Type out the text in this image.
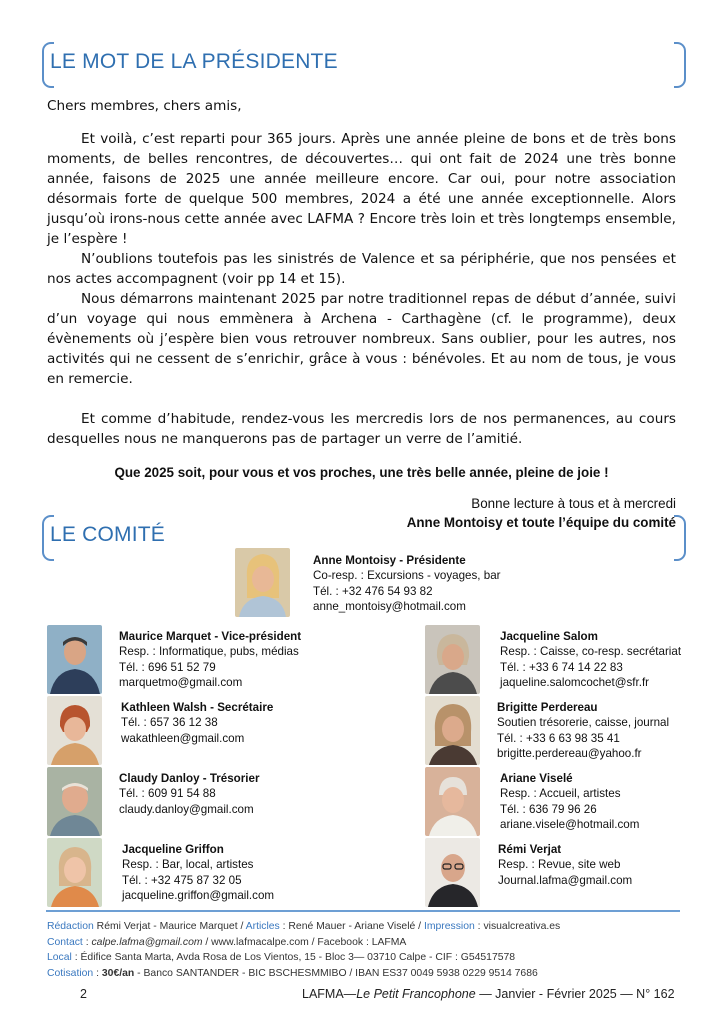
LE MOT DE LA PRÉSIDENTE

Chers membres, chers amis,

Et voilà, c’est reparti pour 365 jours. Après une année pleine de bons et de très bons moments, de belles rencontres, de découvertes… qui ont fait de 2024 une très bonne année, faisons de 2025 une année meilleure encore. Car oui, pour notre association désormais forte de quelque 500 membres, 2024 a été une année exceptionnelle. Alors jusqu’où irons-nous cette année avec LAFMA ? Encore très loin et très longtemps ensemble, je l’espère !

N’oublions toutefois pas les sinistrés de Valence et sa périphérie, que nos pensées et nos actes accompagnent (voir pp 14 et 15).

Nous démarrons maintenant 2025 par notre traditionnel repas de début d’année, suivi d’un voyage qui nous emmènera à Archena - Carthagène (cf. le programme), deux évènements où j’espère bien vous retrouver nombreux. Sans oublier, pour les autres, nos activités qui ne cessent de s’enrichir, grâce à vous : bénévoles. Et au nom de tous, je vous en remercie.

Et comme d’habitude, rendez-vous les mercredis lors de nos permanences, au cours desquelles nous ne manquerons pas de partager un verre de l’amitié.

Que 2025 soit, pour vous et vos proches, une très belle année, pleine de joie !

Bonne lecture à tous et à mercredi
Anne Montoisy et toute l’équipe du comité
LE COMITÉ
Anne Montoisy - Présidente
Co-resp. : Excursions - voyages, bar
Tél. : +32 476 54 93 82
anne_montoisy@hotmail.com
Maurice Marquet - Vice-président
Resp. : Informatique, pubs, médias
Tél. : 696 51 52 79
marquetmo@gmail.com
Kathleen Walsh - Secrétaire
Tél. : 657 36 12 38
wakathleen@gmail.com
Claudy Danloy - Trésorier
Tél. : 609 91 54 88
claudy.danloy@gmail.com
Jacqueline Griffon
Resp. : Bar, local, artistes
Tél. : +32 475 87 32 05
jacqueline.griffon@gmail.com
Jacqueline Salom
Resp. : Caisse, co-resp. secrétariat
Tél. : +33 6 74 14 22 83
jaqueline.salomcochet@sfr.fr
Brigitte Perdereau
Soutien trésorerie, caisse, journal
Tél. : +33 6 63 98 35 41
brigitte.perdereau@yahoo.fr
Ariane Viselé
Resp. : Accueil, artistes
Tél. : 636 79 96 26
ariane.visele@hotmail.com
Rémi Verjat
Resp. : Revue, site web
Journal.lafma@gmail.com
Rédaction Rémi Verjat - Maurice Marquet / Articles : René Mauer - Ariane Viselé / Impression : visualcreativa.es
Contact : calpe.lafma@gmail.com / www.lafmacalpe.com / Facebook : LAFMA
Local : Édifice Santa Marta, Avda Rosa de Los Vientos, 15 - Bloc 3— 03710 Calpe - CIF : G54517578
Cotisation : 30€/an - Banco SANTANDER - BIC BSCHESMMIBO / IBAN ES37 0049 5938 0229 9514 7686
2	LAFMA—Le Petit Francophone — Janvier - Février 2025 — N° 162
